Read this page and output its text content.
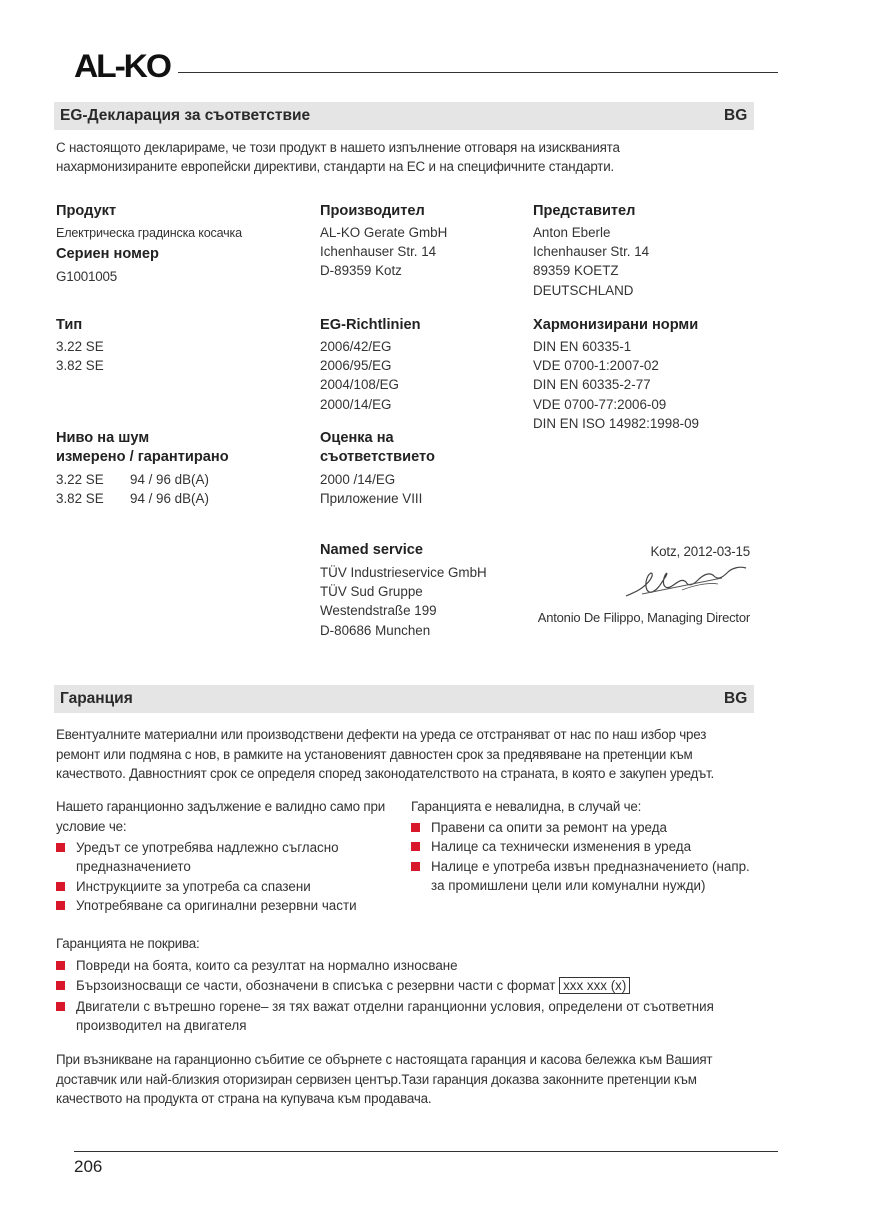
AL-KO
EG-Декларация за съответствие	BG
С настоящото декларираме, че този продукт в нашето изпълнение отговаря на изискванията
нахармонизираните европейски директиви, стандарти на ЕС и на специфичните стандарти.
Продукт
Електрическа градинска косачка
Сериен номер
G1001005
Производител
AL-KO Gerate GmbH
Ichenhauser Str. 14
D-89359 Kotz
Представител
Anton Eberle
Ichenhauser Str. 14
89359 KOETZ
DEUTSCHLAND
Тип
3.22 SE
3.82 SE
EG-Richtlinien
2006/42/EG
2006/95/EG
2004/108/EG
2000/14/EG
Хармонизирани норми
DIN EN 60335-1
VDE 0700-1:2007-02
DIN EN 60335-2-77
VDE 0700-77:2006-09
DIN EN ISO 14982:1998-09
Ниво на шум
измерено / гарантирано
3.22 SE 94 / 96 dB(A)
3.82 SE 94 / 96 dB(A)
Оценка на
съответствието
2000 /14/EG
Приложение VIII
Named service
TÜV Industrieservice GmbH
TÜV Sud Gruppe
Westendstraße 199
D-80686 Munchen
Kotz, 2012-03-15
Antonio De Filippo, Managing Director
Гаранция	BG
Евентуалните материални или производствени дефекти на уреда се отстраняват от нас по наш избор чрез
ремонт или подмяна с нов, в рамките на установеният давностен срок за предявяване на претенции към
качеството. Давностният срок се определя според законодателството на страната, в която е закупен уредът.
Нашето гаранционно задължение е валидно само при
условие че:
Уредът се употребява надлежно съгласно
предназначението
Инструкциите за употреба са спазени
Употребяване са оригинални резервни части
Гаранцията е невалидна, в случай че:
Правени са опити за ремонт на уреда
Налице са технически изменения в уреда
Налице е употреба извън предназначението (напр.
за промишлени цели или комунални нужди)
Гаранцията не покрива:
Повреди на боята, които са резултат на нормално износване
Бързоизносващи се части, обозначени в списъка с резервни части с формат xxx xxx (x)
Двигатели с вътрешно горене– зя тях важат отделни гаранционни условия, определени от съответния
производител на двигателя
При възникване на гаранционно събитие се обърнете с настоящата гаранция и касова бележка към Вашият
доставчик или най-близкия оторизиран сервизен център.Тази гаранция доказва законните претенции към
качеството на продукта от страна на купувача към продавача.
206
